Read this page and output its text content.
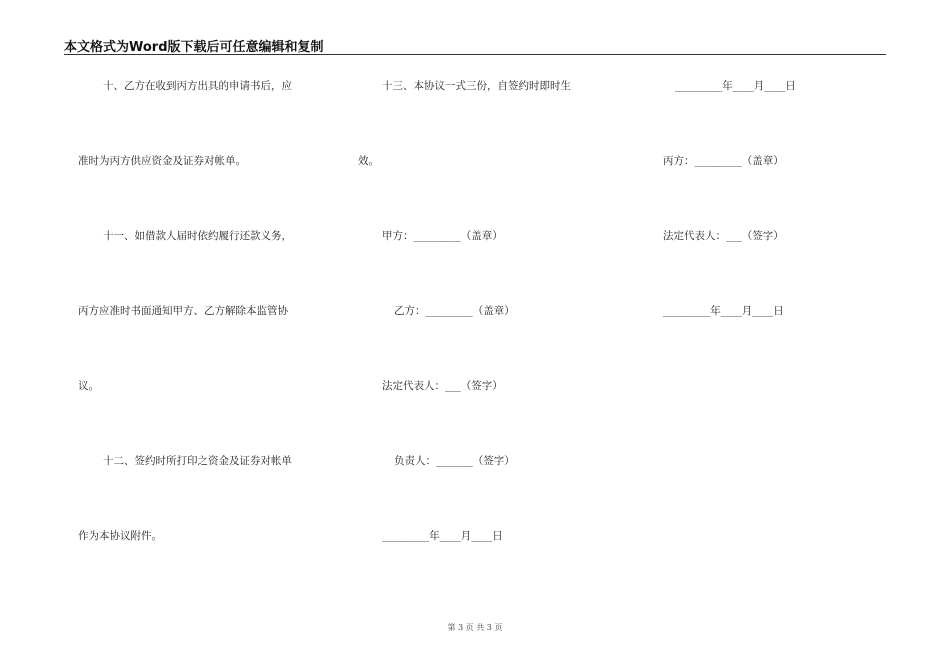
本文格式为Word版下载后可任意编辑和复制
十、乙方在收到丙方出具的申请书后，应
准时为丙方供应资金及证券对帐单。
十一、如借款人届时依约履行还款义务，
丙方应准时书面通知甲方、乙方解除本监管协
议。
十二、签约时所打印之资金及证券对帐单
作为本协议附件。
十三、本协议一式三份，自签约时即时生
效。
甲方：_________（盖章）
乙方：_________（盖章）
法定代表人：___（签字）
负责人：_______（签字）
_________年____月____日
_________年____月____日
丙方：_________（盖章）
法定代表人：___（签字）
_________年____月____日
第 3 页 共 3 页
